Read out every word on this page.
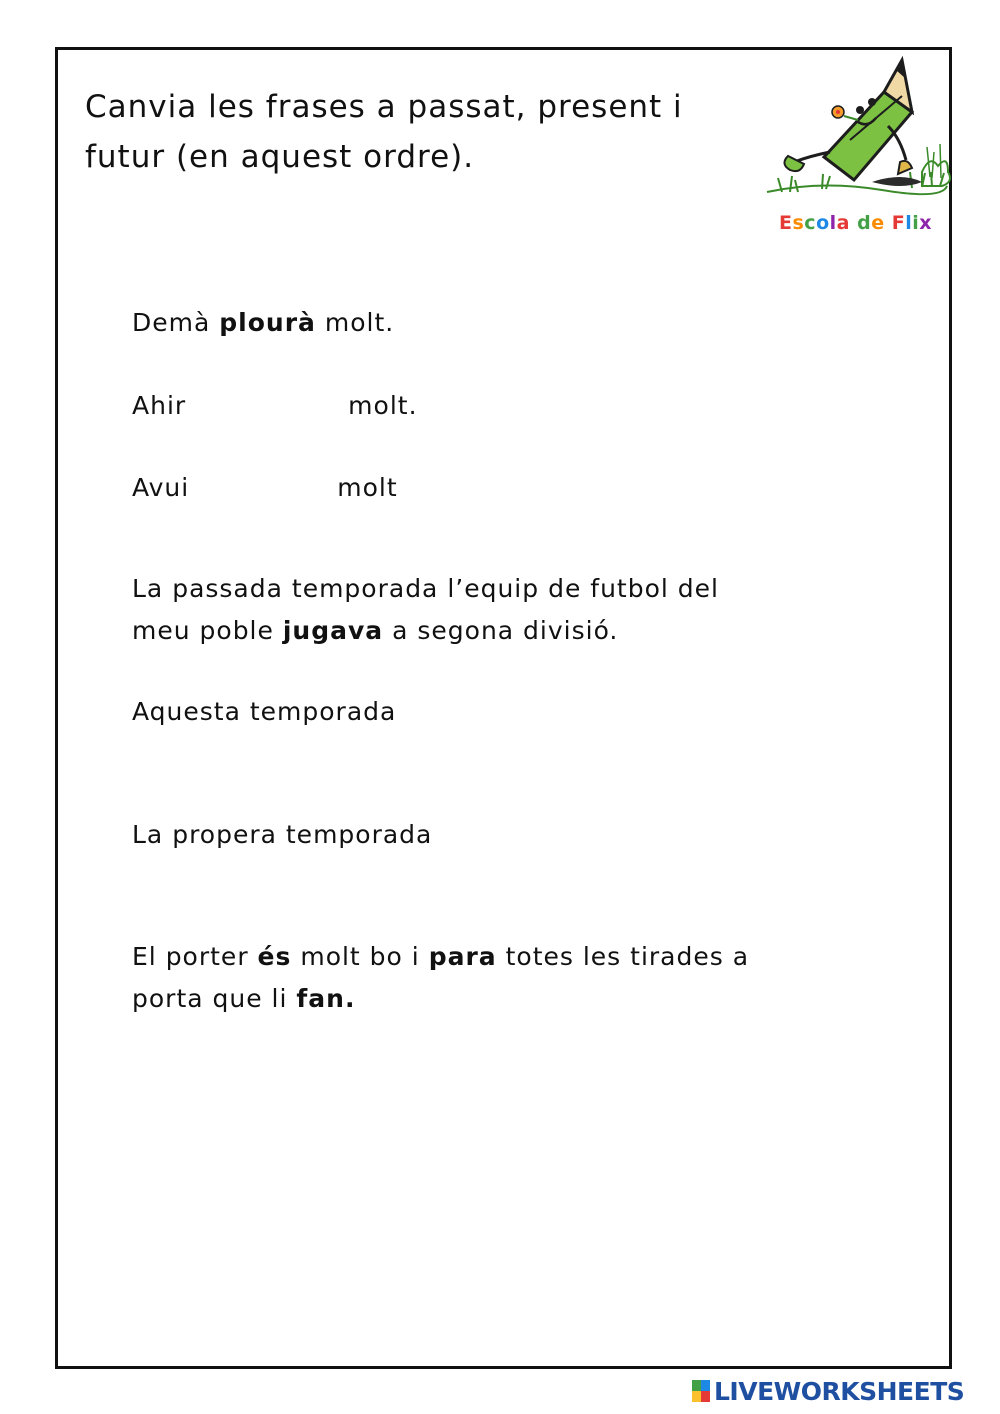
Canvia les frases a passat, present i
futur (en aquest ordre).
Escola de Flix

Demà plourà molt.

Ahir	molt.

Avui	molt

La passada temporada l’equip de futbol del

meu poble jugava a segona divisió.

Aquesta temporada

La propera temporada

El porter és molt bo i para totes les tirades a

porta que li fan.

LIVEWORKSHEETS
